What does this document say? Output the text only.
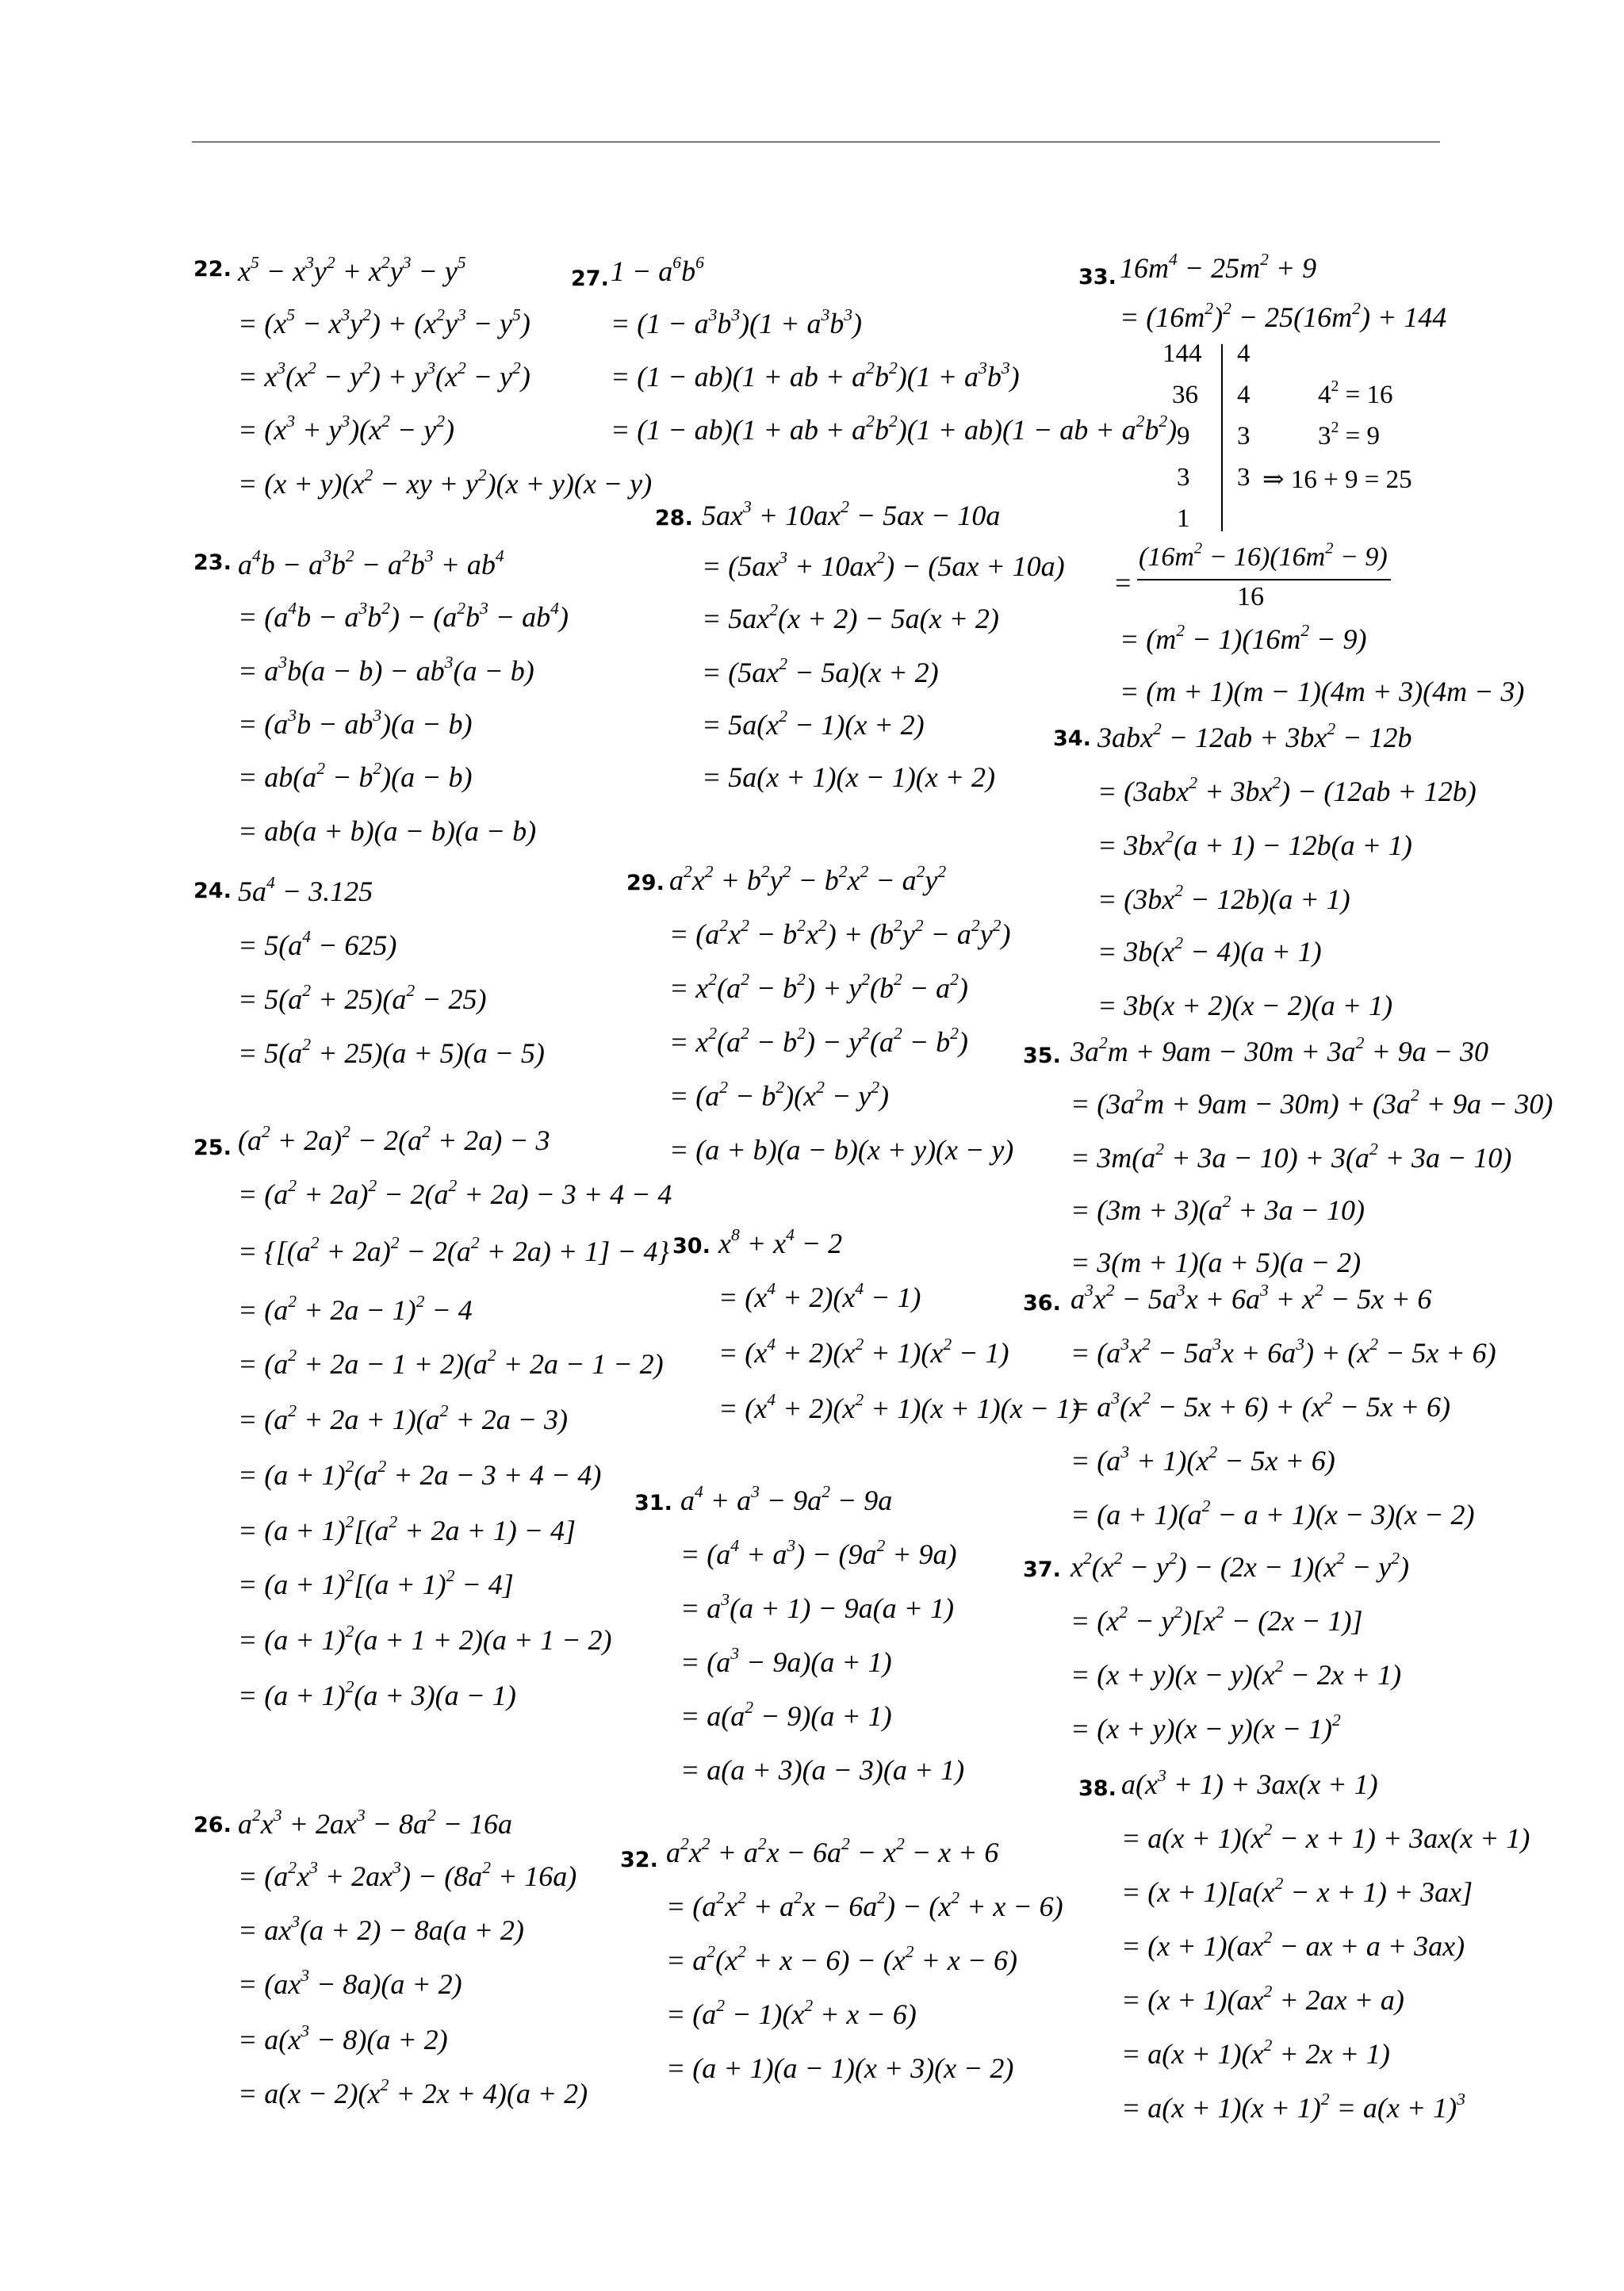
22. $x^5 - x^3y^2 + x^2y^3 - y^5$
= $(x^5 - x^3y^2) + (x^2y^3 - y^5)$
= $x^3(x^2 - y^2) + y^3(x^2 - y^2)$
= $(x^3 + y^3)(x^2 - y^2)$
= $(x + y)(x^2$ − xy + $y^2)(x + y)(x - y)$
23. $a^4b - a^3b^2 - a^2b^3 + ab^4$
= $(a^4b - a^3b^2) - (a^2b^3 - ab^4)$
= $a^3b(a - b) - ab^3(a - b)$
= $(a^3b - ab^3)(a - b)$
= $ab(a^2 - b^2)(a - b)$
= ab(a + b)(a − b)(a − b)
24. $5a^4 - 3.125$
= $5(a^4 - 625)$
= $5(a^2 + 25)(a^2 - 25)$
= $5(a^2 + 25)(a + 5)(a - 5)$
25. $(a^2 + 2a)^2 - 2(a^2 + 2a) - 3$
= $(a^2 + 2a)^2 - 2(a^2 + 2a) - 3 + 4 - 4$
= $\{[(a^2 + 2a)^2 - 2(a^2 + 2a) + 1] - 4\}$
= $(a^2 + 2a - 1)^2 - 4$
= $(a^2 + 2a - 1 + 2)(a^2 + 2a - 1 - 2)$
= $(a^2 + 2a + 1)(a^2 + 2a - 3)$
= $(a + 1)^2(a^2 + 2a - 3 + 4 - 4)$
= $(a + 1)^2[(a^2 + 2a + 1) - 4]$
= $(a + 1)^2[(a + 1)^2 - 4]$
= $(a + 1)^2(a + 1 + 2)(a + 1 - 2)$
= $(a + 1)^2(a + 3)(a - 1)$
26. $a^2x^3 + 2ax^3 - 8a^2 - 16a$
= $(a^2x^3 + 2ax^3) - (8a^2 + 16a)$
= $ax^3(a + 2) - 8a(a + 2)$
= $(ax^3 - 8a)(a + 2)$
= $a(x^3 - 8)(a + 2)$
= $a(x - 2)(x^2 + 2x + 4)(a + 2)$
27. $1 - a^6b^6$
= $(1 - a^3b^3)(1 + a^3b^3)$
= (1 − ab)(1 + ab + $a^2b^2)(1 + a^3b^3)$
= (1 − ab)(1 + ab + $a^2b^2)(1 + ab)(1$ − ab + $a^2b^2$)
28. $5ax^3 + 10ax^2 - 5ax - 10a$
= $(5ax^3 + 10ax^2) - (5ax + 10a)$
= $5ax^2(x + 2) - 5a(x + 2)$
= $(5ax^2 - 5a)(x + 2)$
= $5a(x^2 - 1)(x + 2)$
= 5a(x + 1)(x − 1)(x + 2)
29. $a^2x^2 + b^2y^2 - b^2x^2 - a^2y^2$
= $(a^2x^2 - b^2x^2) + (b^2y^2 - a^2y^2)$
= $x^2(a^2 - b^2) + y^2(b^2 - a^2)$
= $x^2(a^2 - b^2) - y^2(a^2 - b^2)$
= $(a^2 - b^2)(x^2 - y^2)$
= (a + b)(a − b)(x + y)(x − y)
30. $x^8 + x^4 - 2$
= $(x^4 + 2)(x^4 - 1)$
= $(x^4 + 2)(x^2 + 1)(x^2 - 1)$
= $(x^4 + 2)(x^2 + 1)(x + 1)(x - 1)$
31. $a^4 + a^3 - 9a^2 - 9a$
= $(a^4 + a^3) - (9a^2 + 9a)$
= $a^3(a + 1) - 9a(a + 1)$
= $(a^3 - 9a)(a + 1)$
= $a(a^2 - 9)(a + 1)$
= a(a + 3)(a − 3)(a + 1)
32. $a^2x^2 + a^2x - 6a^2 - x^2 - x + 6$
= $(a^2x^2 + a^2x - 6a^2) - (x^2 + x - 6)$
= $a^2(x^2 + x - 6) - (x^2 + x - 6)$
= $(a^2 - 1)(x^2 + x - 6)$
= (a + 1)(a − 1)(x + 3)(x − 2)
33. $16m^4 - 25m^2 + 9$
= $(16m^2)^2 - 25(16m^2) + 144$
144
36
9
3
1
4
4
3
3
$4^2 = 16$
$3^2 = 9$
⇒ 16 + 9 = 25
=
$(16m^2 - 16)(16m^2 - 9)$
16
= $(m^2 - 1)(16m^2 - 9)$
= (m + 1)(m − 1)(4m + 3)(4m − 3)
34. $3abx^2 - 12ab + 3bx^2 - 12b$
= $(3abx^2 + 3bx^2) - (12ab + 12b)$
= $3bx^2(a + 1) - 12b(a + 1)$
= $(3bx^2 - 12b)(a + 1)$
= $3b(x^2 - 4)(a + 1)$
= 3b(x + 2)(x − 2)(a + 1)
35. $3a^2m + 9am - 30m + 3a^2 + 9a - 30$
= $(3a^2m + 9am - 30m) + (3a^2 + 9a - 30)$
= $3m(a^2 + 3a - 10) + 3(a^2 + 3a - 10)$
= $(3m + 3)(a^2 + 3a - 10)$
= 3(m + 1)(a + 5)(a − 2)
36. $a^3x^2 - 5a^3x + 6a^3 + x^2 - 5x + 6$
= $(a^3x^2 - 5a^3x + 6a^3) + (x^2 - 5x + 6)$
= $a^3(x^2 - 5x + 6) + (x^2 - 5x + 6)$
= $(a^3 + 1)(x^2 - 5x + 6)$
= $(a + 1)(a^2 - a + 1)(x - 3)(x - 2)$
37. $x^2(x^2 - y^2) - (2x - 1)(x^2 - y^2)$
= $(x^2 - y^2)[x^2 - (2x - 1)]$
= $(x + y)(x - y)(x^2 - 2x + 1)$
= $(x + y)(x - y)(x - 1)^2$
38. $a(x^3 + 1) + 3ax(x + 1)$
= $a(x + 1)(x^2 - x + 1) + 3ax(x + 1)$
= $(x + 1)[a(x^2 - x + 1) + 3ax]$
= $(x + 1)(ax^2$ − ax + a + 3ax)
= $(x + 1)(ax^2 + 2ax + a)$
= $a(x + 1)(x^2 + 2x + 1)$
= $a(x + 1)(x + 1)^2 = a(x + 1)^3$
